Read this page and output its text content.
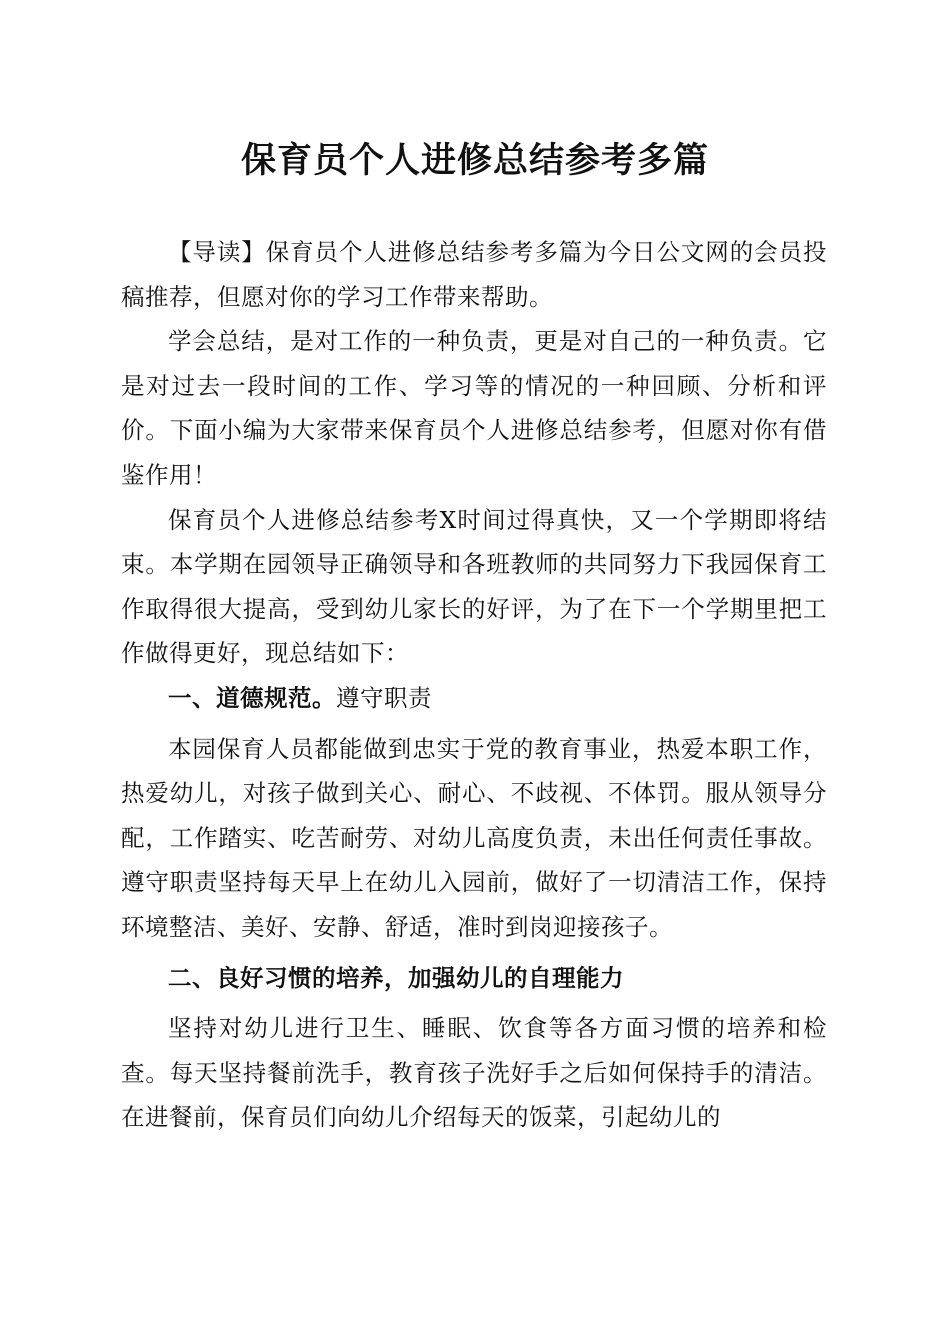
保育员个人进修总结参考多篇

【导读】保育员个人进修总结参考多篇为今日公文网的会员投稿推荐，但愿对你的学习工作带来帮助。

学会总结，是对工作的一种负责，更是对自己的一种负责。它是对过去一段时间的工作、学习等的情况的一种回顾、分析和评价。下面小编为大家带来保育员个人进修总结参考，但愿对你有借鉴作用！

保育员个人进修总结参考X时间过得真快，又一个学期即将结束。本学期在园领导正确领导和各班教师的共同努力下我园保育工作取得很大提高，受到幼儿家长的好评，为了在下一个学期里把工作做得更好，现总结如下：

一、道德规范。遵守职责

本园保育人员都能做到忠实于党的教育事业，热爱本职工作，热爱幼儿，对孩子做到关心、耐心、不歧视、不体罚。服从领导分配，工作踏实、吃苦耐劳、对幼儿高度负责，未出任何责任事故。遵守职责坚持每天早上在幼儿入园前，做好了一切清洁工作，保持环境整洁、美好、安静、舒适，准时到岗迎接孩子。

二、良好习惯的培养，加强幼儿的自理能力

坚持对幼儿进行卫生、睡眠、饮食等各方面习惯的培养和检查。每天坚持餐前洗手，教育孩子洗好手之后如何保持手的清洁。在进餐前，保育员们向幼儿介绍每天的饭菜，引起幼儿的
